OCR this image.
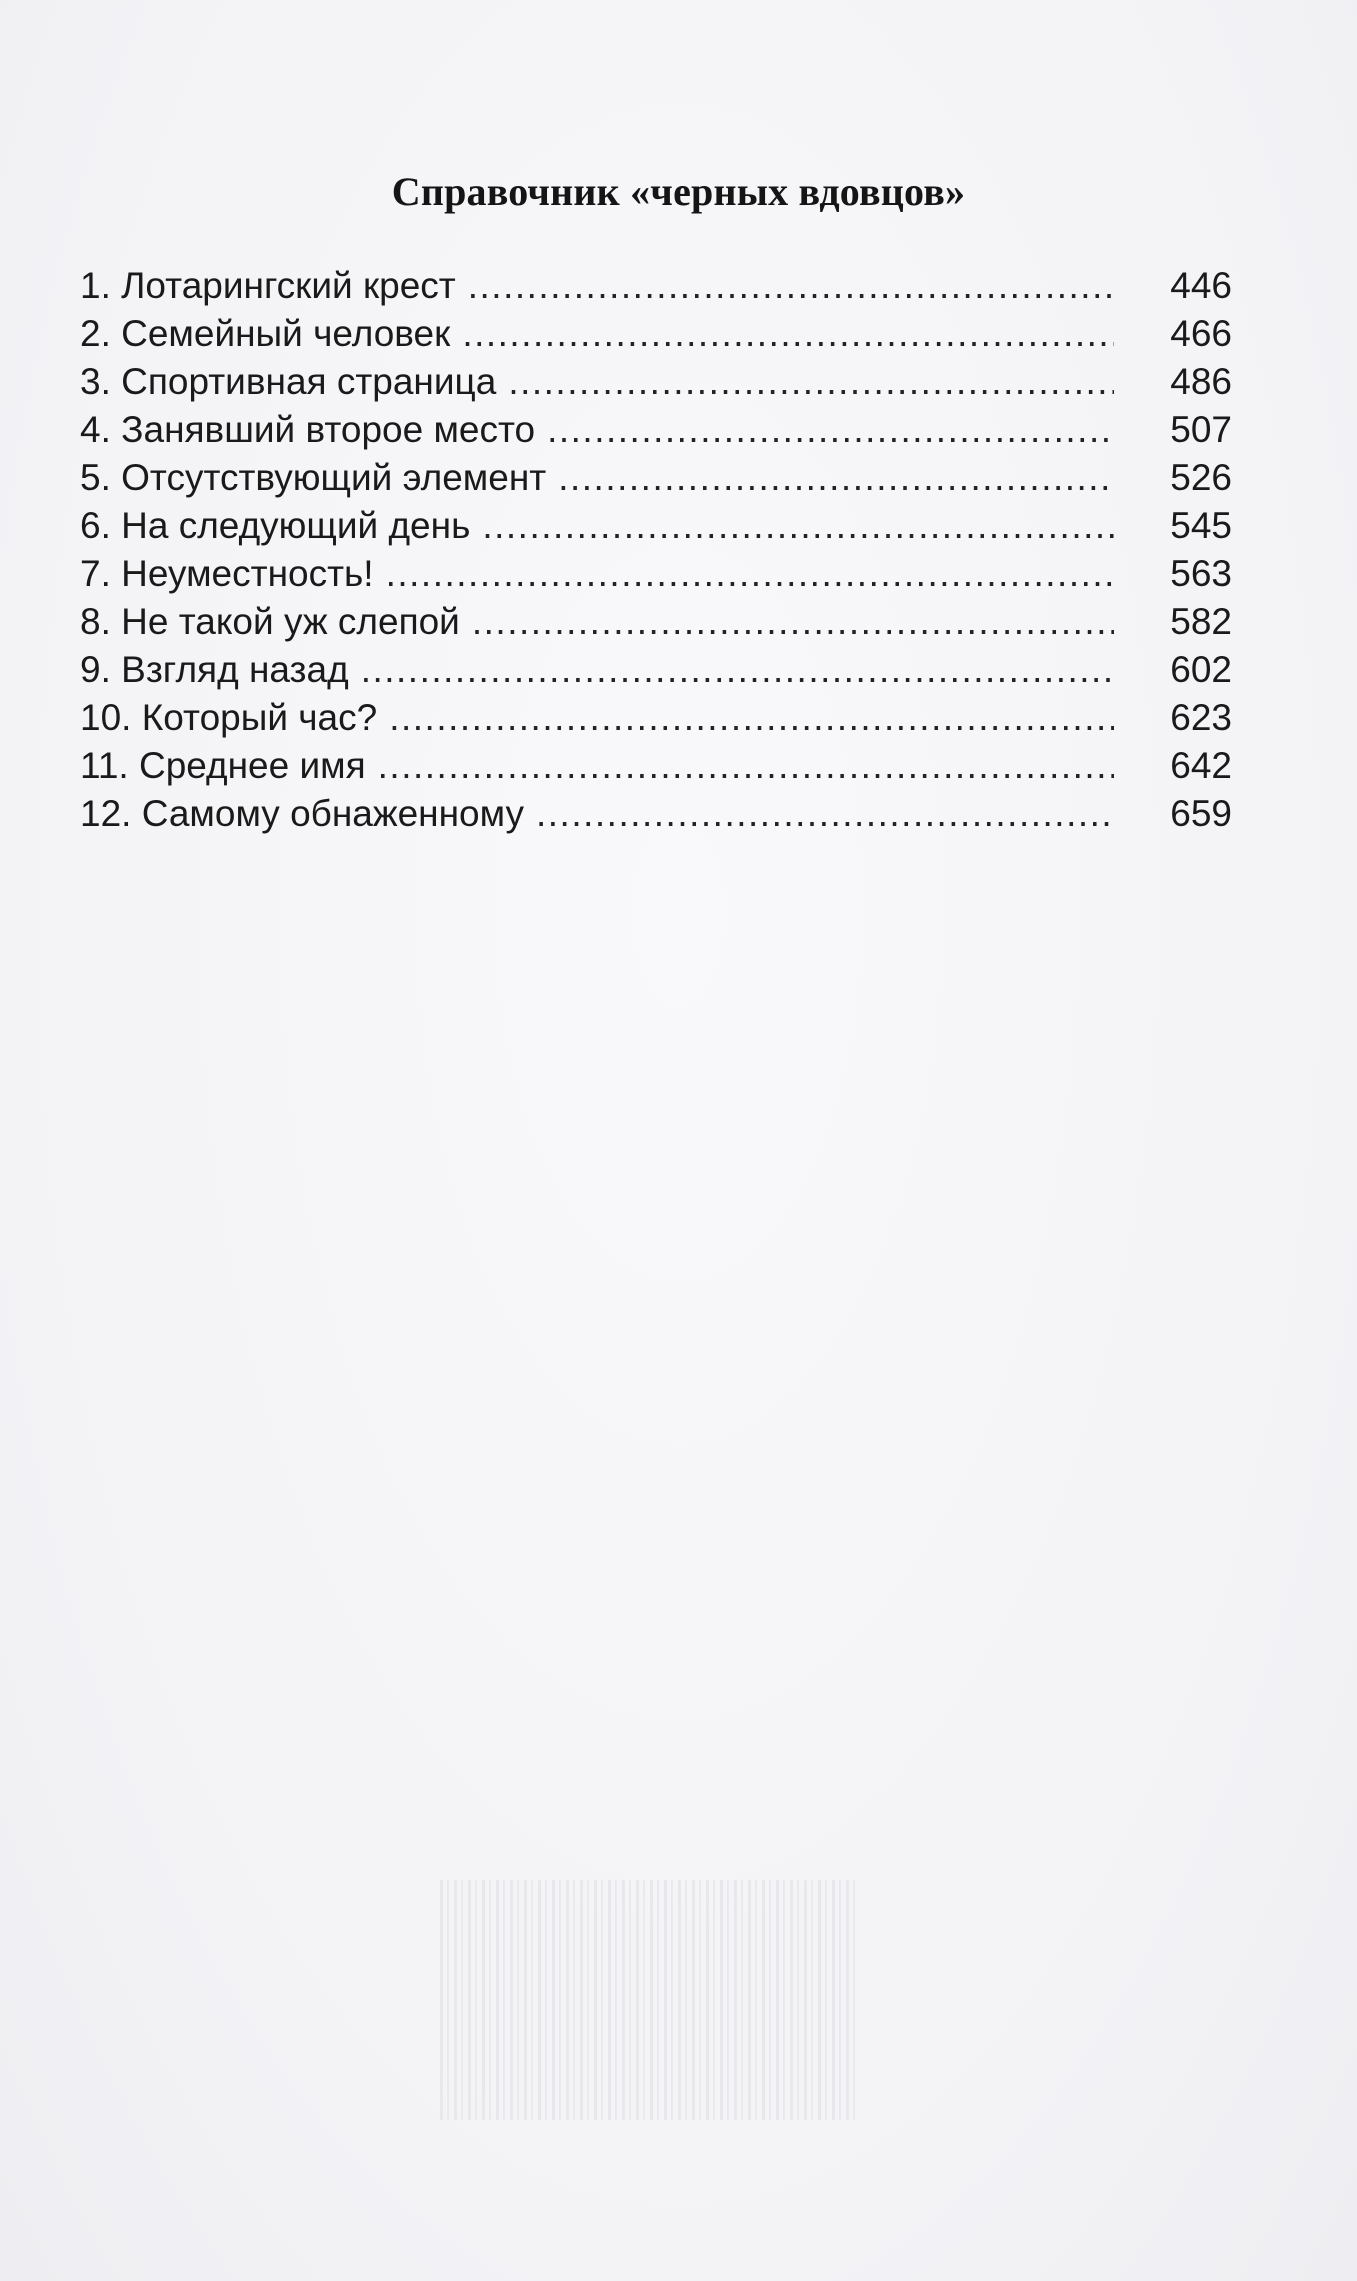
Справочник «черных вдовцов»
1. Лотарингский крест .....	446
2. Семейный человек .....	466
3. Спортивная страница .....	486
4. Занявший второе место .....	507
5. Отсутствующий элемент .....	526
6. На следующий день .....	545
7. Неуместность! .....	563
8. Не такой уж слепой .....	582
9. Взгляд назад .....	602
10. Который час? .....	623
11. Среднее имя .....	642
12. Самому обнаженному .....	659
